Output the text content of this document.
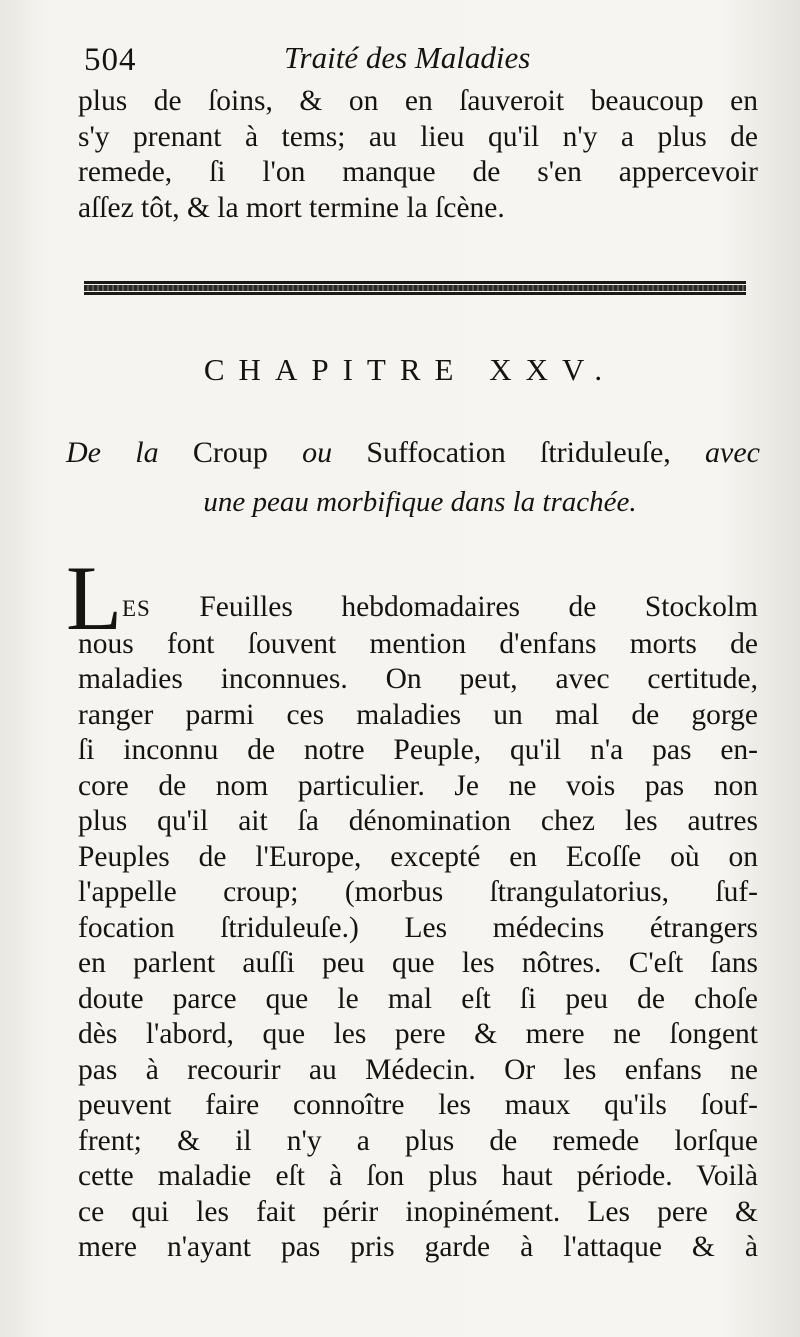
504	Traité des Maladies
plus de ſoins, & on en ſauveroit beaucoup en
s'y prenant à tems; au lieu qu'il n'y a plus de
remede, ſi l'on manque de s'en appercevoir
aſſez tôt, & la mort termine la ſcène.
CHAPITRE XXV.
De la Croup ou Suffocation ſtriduleuſe, avec
une peau morbifique dans la trachée.
L ES Feuilles hebdomadaires de Stockolm
nous font ſouvent mention d'enfans morts de
maladies inconnues. On peut, avec certitude,
ranger parmi ces maladies un mal de gorge
ſi inconnu de notre Peuple, qu'il n'a pas en-
core de nom particulier. Je ne vois pas non
plus qu'il ait ſa dénomination chez les autres
Peuples de l'Europe, excepté en Ecoſſe où on
l'appelle croup; (morbus ſtrangulatorius, ſuf-
focation ſtriduleuſe.) Les médecins étrangers
en parlent auſſi peu que les nôtres. C'eſt ſans
doute parce que le mal eſt ſi peu de choſe
dès l'abord, que les pere & mere ne ſongent
pas à recourir au Médecin. Or les enfans ne
peuvent faire connoître les maux qu'ils ſouf-
frent; & il n'y a plus de remede lorſque
cette maladie eſt à ſon plus haut période. Voilà
ce qui les fait périr inopinément. Les pere &
mere n'ayant pas pris garde à l'attaque & à
